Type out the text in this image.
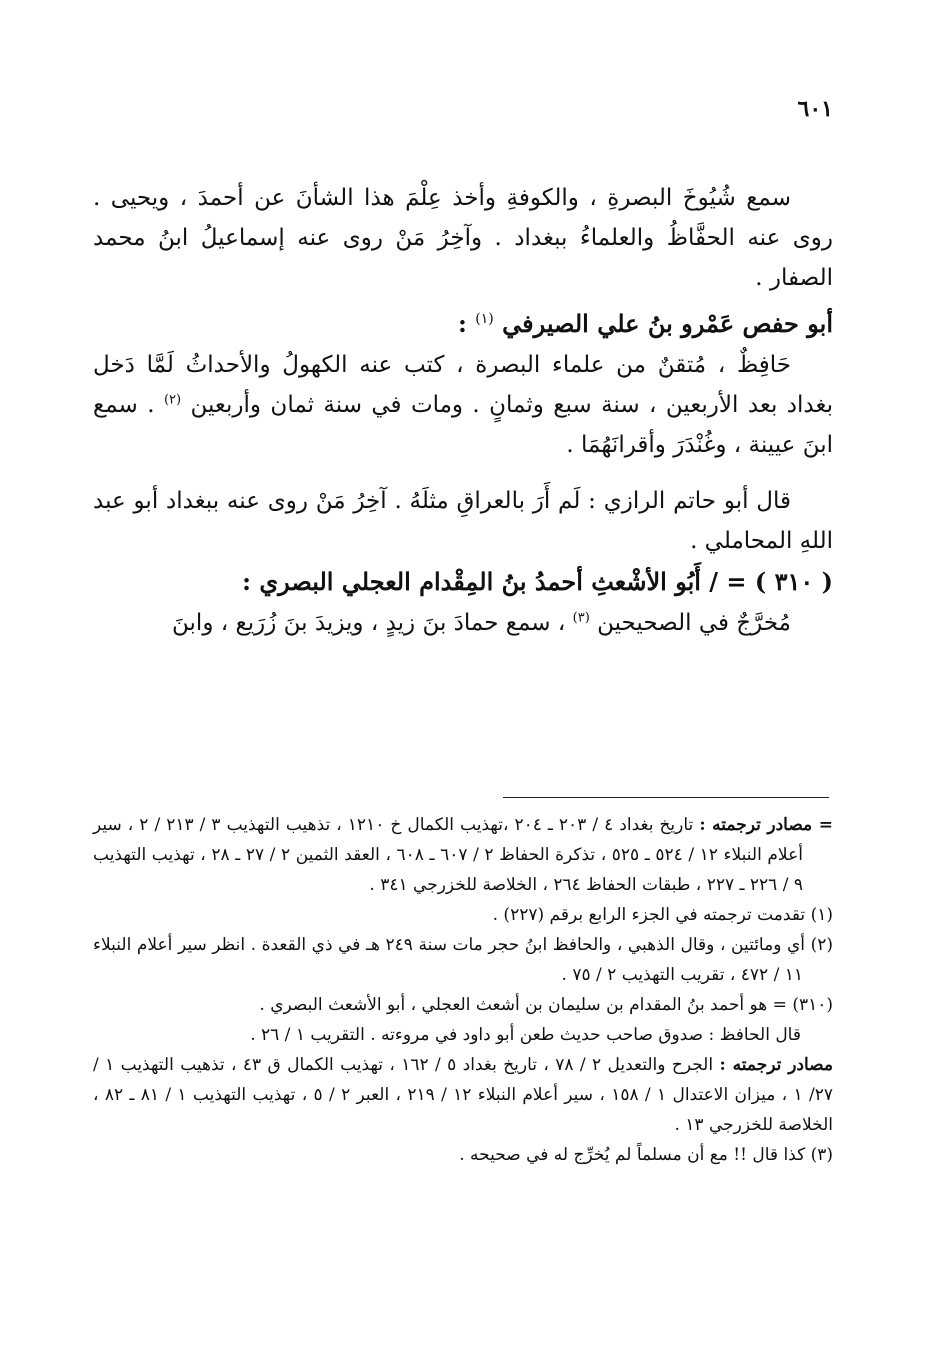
٦٠١

سمع شُيُوخَ البصرةِ ، والكوفةِ وأخذ عِلْمَ هذا الشأنَ عن أحمدَ ، ويحيى . روى عنه الحفَّاظُ والعلماءُ ببغداد . وآخِرُ مَنْ روى عنه إسماعيلُ ابنُ محمد الصفار .

أبو حفص عَمْرو بنُ علي الصيرفي $^{(١)}$ :

حَافِظٌ ، مُتقنٌ من علماء البصرة ، كتب عنه الكهولُ والأحداثُ لَمَّا دَخل بغداد بعد الأربعين ، سنة سبع وثمانٍ . ومات في سنة ثمان وأربعين $^{(٢)}$ . سمع ابنَ عيينة ، وغُنْدَرَ وأقرانَهُمَا .

قال أبو حاتم الرازي : لَم أَرَ بالعراقِ مثلَهُ . آخِرُ مَنْ روى عنه ببغداد أبو عبد اللهِ المحاملي .

( ٣١٠ ) = / أَبُو الأشْعثِ أحمدُ بنُ المِقْدام العجلي البصري :

مُخرَّجٌ في الصحيحين $^{(٣)}$ ، سمع حمادَ بنَ زيدٍ ، ويزيدَ بنَ زُرَيع ، وابنَ

= مصادر ترجمته : تاريخ بغداد ٤ / ٢٠٣ ـ ٢٠٤ ،تهذيب الكمال خ ١٢١٠ ، تذهيب التهذيب ٣ / ٢١٣ / ٢ ، سير أعلام النبلاء ١٢ / ٥٢٤ ـ ٥٢٥ ، تذكرة الحفاظ ٢ / ٦٠٧ ـ ٦٠٨ ، العقد الثمين ٢ / ٢٧ ـ ٢٨ ، تهذيب التهذيب ٩ / ٢٢٦ ـ ٢٢٧ ، طبقات الحفاظ ٢٦٤ ، الخلاصة للخزرجي ٣٤١ .

(١) تقدمت ترجمته في الجزء الرابع برقم (٢٢٧) .

(٢) أي ومائتين ، وقال الذهبي ، والحافظ ابنُ حجر مات سنة ٢٤٩ هـ في ذي القعدة . انظر سير أعلام النبلاء ١١ / ٤٧٢ ، تقريب التهذيب ٢ / ٧٥ .

(٣١٠) = هو أحمد بنُ المقدام بن سليمان بن أشعث العجلي ، أبو الأشعث البصري .

قال الحافظ : صدوق صاحب حديث طعن أبو داود في مروءته . التقريب ١ / ٢٦ .

مصادر ترجمته : الجرح والتعديل ٢ / ٧٨ ، تاريخ بغداد ٥ / ١٦٢ ، تهذيب الكمال ق ٤٣ ، تذهيب التهذيب ١ / ٢٧/ ١ ، ميزان الاعتدال ١ / ١٥٨ ، سير أعلام النبلاء ١٢ / ٢١٩ ، العبر ٢ / ٥ ، تهذيب التهذيب ١ / ٨١ ـ ٨٢ ، الخلاصة للخزرجي ١٣ .

(٣) كذا قال !! مع أن مسلماً لم يُخرِّج له في صحيحه .
